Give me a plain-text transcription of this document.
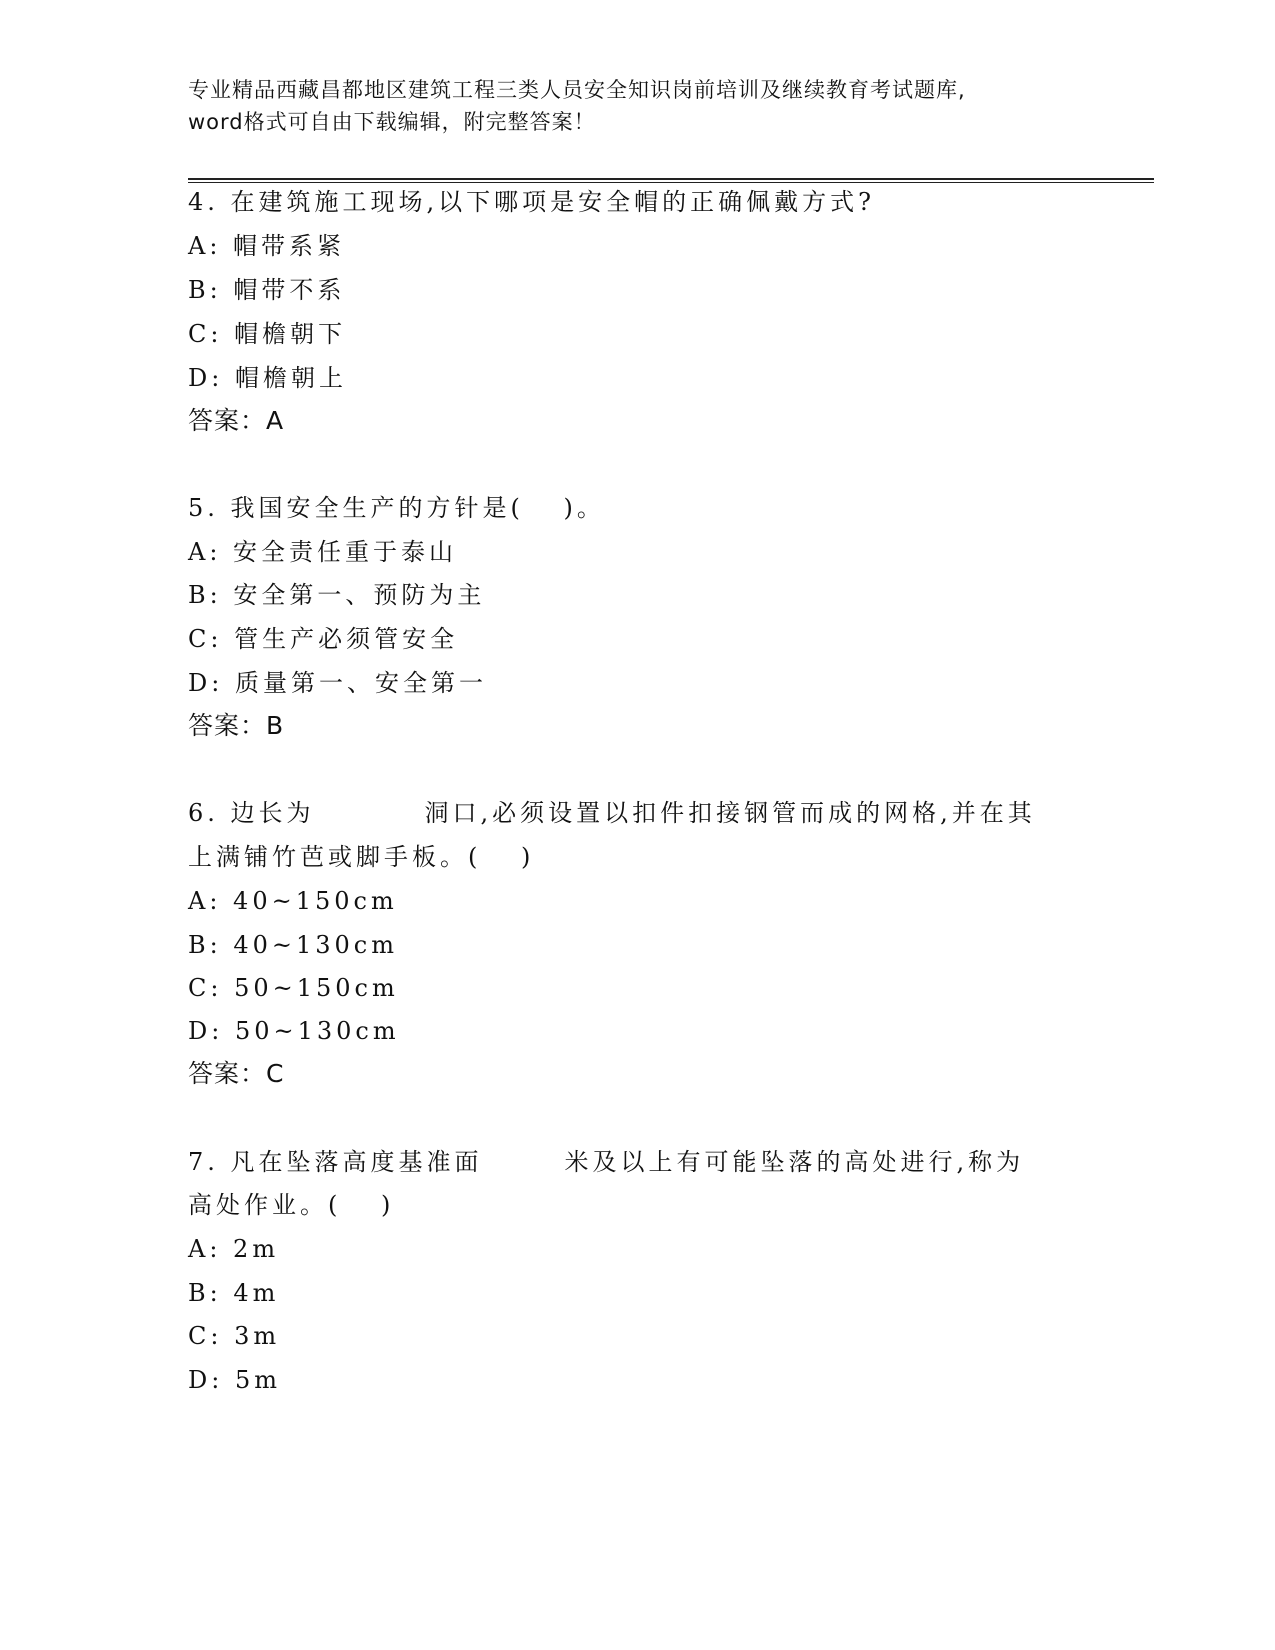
专业精品西藏昌都地区建筑工程三类人员安全知识岗前培训及继续教育考试题库,
word格式可自由下载编辑，附完整答案！
4. 在建筑施工现场,以下哪项是安全帽的正确佩戴方式?
A: 帽带系紧
B: 帽带不系
C: 帽檐朝下
D: 帽檐朝上
答案：A
5. 我国安全生产的方针是(　 )。
A: 安全责任重于泰山
B: 安全第一、预防为主
C: 管生产必须管安全
D: 质量第一、安全第一
答案：B
6. 边长为	洞口,必须设置以扣件扣接钢管而成的网格,并在其
上满铺竹芭或脚手板。(　 )
A: 40~150cm
B: 40~130cm
C: 50~150cm
D: 50~130cm
答案：C
7. 凡在坠落高度基准面	米及以上有可能坠落的高处进行,称为
高处作业。(　 )
A: 2m
B: 4m
C: 3m
D: 5m
